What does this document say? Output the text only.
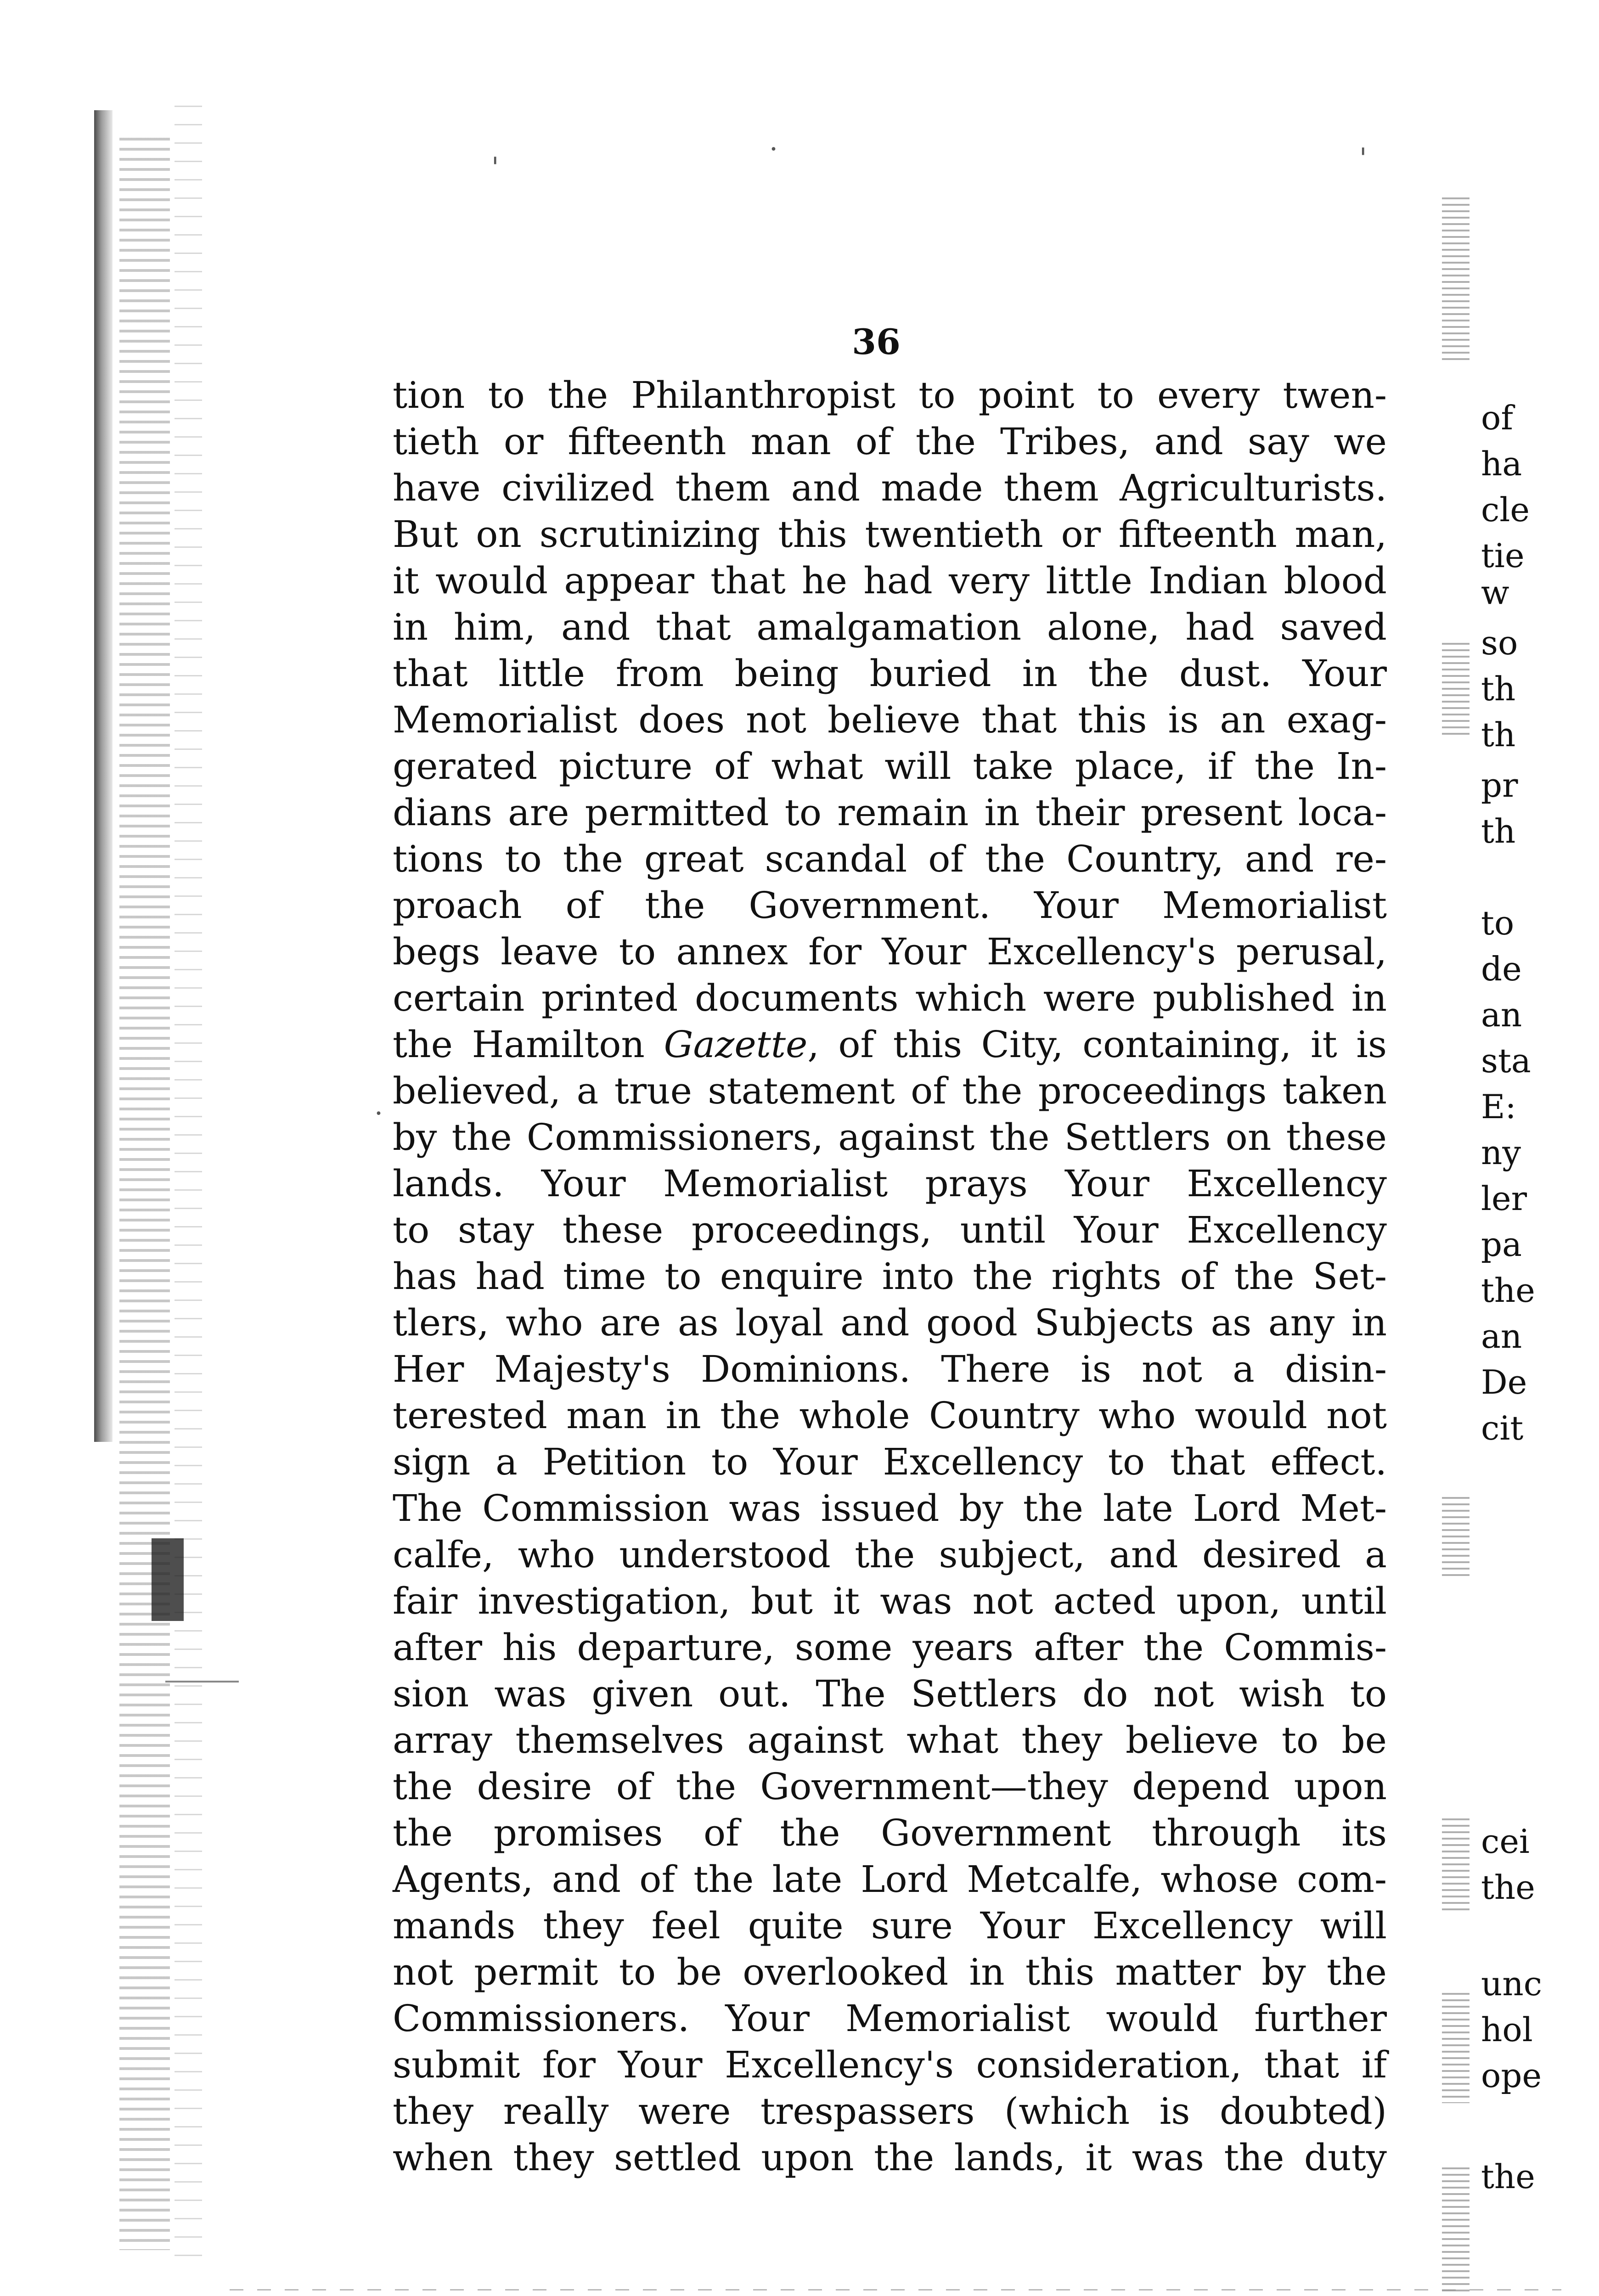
of
ha
cle
tie
w
so
th
th
pr
th
to
de
an
sta
E:
ny
ler
pa
the
an
De
cit
cei
the
unc
hol
ope
the
'
·	'
·
36
tion to the Philanthropist to point to every twen-
tieth or fifteenth man of the Tribes, and say we
have civilized them and made them Agriculturists.
But on scrutinizing this twentieth or fifteenth man,
it would appear that he had very little Indian blood
in him, and that amalgamation alone, had saved
that little from being buried in the dust. Your
Memorialist does not believe that this is an exag-
gerated picture of what will take place, if the In-
dians are permitted to remain in their present loca-
tions to the great scandal of the Country, and re-
proach of the Government. Your Memorialist
begs leave to annex for Your Excellency's perusal,
certain printed documents which were published in
the Hamilton Gazette, of this City, containing, it is
believed, a true statement of the proceedings taken
by the Commissioners, against the Settlers on these
lands. Your Memorialist prays Your Excellency
to stay these proceedings, until Your Excellency
has had time to enquire into the rights of the Set-
tlers, who are as loyal and good Subjects as any in
Her Majesty's Dominions. There is not a disin-
terested man in the whole Country who would not
sign a Petition to Your Excellency to that effect.
The Commission was issued by the late Lord Met-
calfe, who understood the subject, and desired a
fair investigation, but it was not acted upon, until
after his departure, some years after the Commis-
sion was given out. The Settlers do not wish to
array themselves against what they believe to be
the desire of the Government—they depend upon
the promises of the Government through its
Agents, and of the late Lord Metcalfe, whose com-
mands they feel quite sure Your Excellency will
not permit to be overlooked in this matter by the
Commissioners. Your Memorialist would further
submit for Your Excellency's consideration, that if
they really were trespassers (which is doubted)
when they settled upon the lands, it was the duty
